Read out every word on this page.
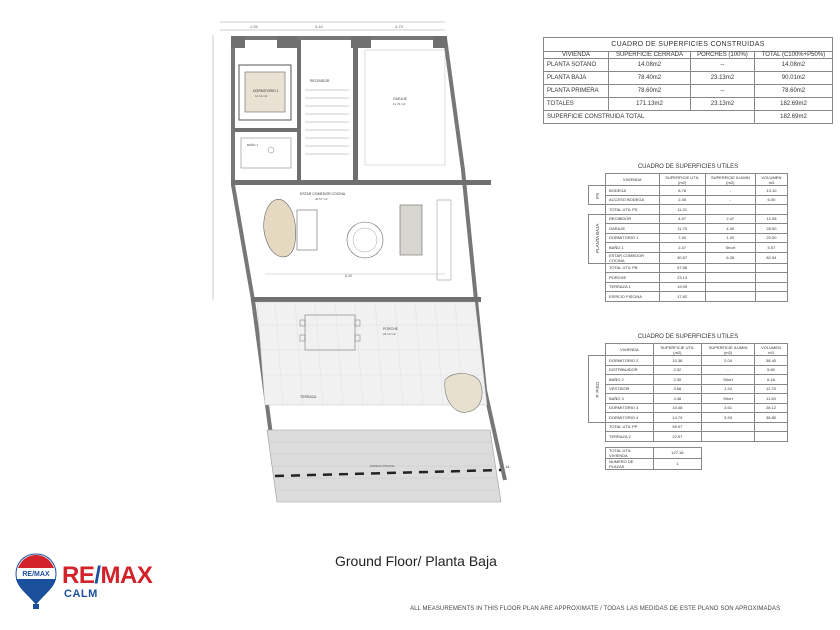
1.25	3.44	4.73
DORMITORIO 1
14.11 m2
BAÑO 1
RECIBIDOR
GARAJE
11.79 m2
ESTAR COMEDOR COCINA
30.57 m2
6.40
PORCHE
23.13 m2
TERRAZA
ESPEJO PISCINA	14
CUADRO DE SUPERFICIES CONSTRUIDAS			
VIVIENDA	SUPERFICIE CERRADA	PORCHES (100%)	TOTAL (C100%+P50%)
PLANTA SOTANO	14.08m2	--	14.08m2
PLANTA BAJA	78.40m2	23.13m2	90.01m2
PLANTA PRIMERA	78.60m2	--	78.60m2
TOTALES	171.13m2	23.13m2	182.69m2
SUPERFICIE CONSTRUIDA TOTAL			182.69m2
CUADRO DE SUPERFICIES UTILES				
	VIVIENDA	SUPERFICIE UTIL (m2)	SUPERFICIE ILUMIN (m2)	VOLUMEN m3
PS	BODEGA	8.76	-	13.10
	ACCESO BODEGA	2.45	-	6.00
	TOTAL UTIL PS	11.21		
PLANTA BAJA	RECIBIDOR	4.57	2.47	12.08
	GARAJE	11.79	4.40	28.50
	DORMITORIO 1	7.40	1.20	20.00
	BAÑO 1	2.47	Short	5.57
	ESTAR COMEDOR COCINA	30.57	6.26	82.54
	TOTAL UTIL PB	57.56		
	PORCHE	23.13		
	TERRAZA 1	19.09		
	ESPEJO PISCINA	17.82		
CUADRO DE SUPERFICIES UTILES				
	VIVIENDA	SUPERFICIE UTIL (m2)	SUPERFICIE ILUMIN (m2)	VOLUMEN m3
P. PISO	DORMITORIO 2	10.38	2.04	38.40
	DISTRIBUIDOR	2.32	-	5.60
	BAÑO 2	2.30	Short	6.18
	VESTIDOR	3.66	1.24	12.70
	BAÑO 3	4.46	Short	11.50
	DORMITORIO 3	10.48	3.61	28.12
	DORMITORIO 4	14.79	3.93	38.80
	TOTAL UTIL PP	59.07		
	TERRAZA 2	22.97		

	TOTAL UTIL VIVIENDA	127.18		
	NUMERO DE PLAZAS	1		
RE/MAX RE/MAX
CALM
Ground Floor/ Planta Baja
ALL MEASUREMENTS IN THIS FLOOR PLAN ARE APPROXIMATE / TODAS LAS MEDIDAS DE ESTE PLANO SON APROXIMADAS
